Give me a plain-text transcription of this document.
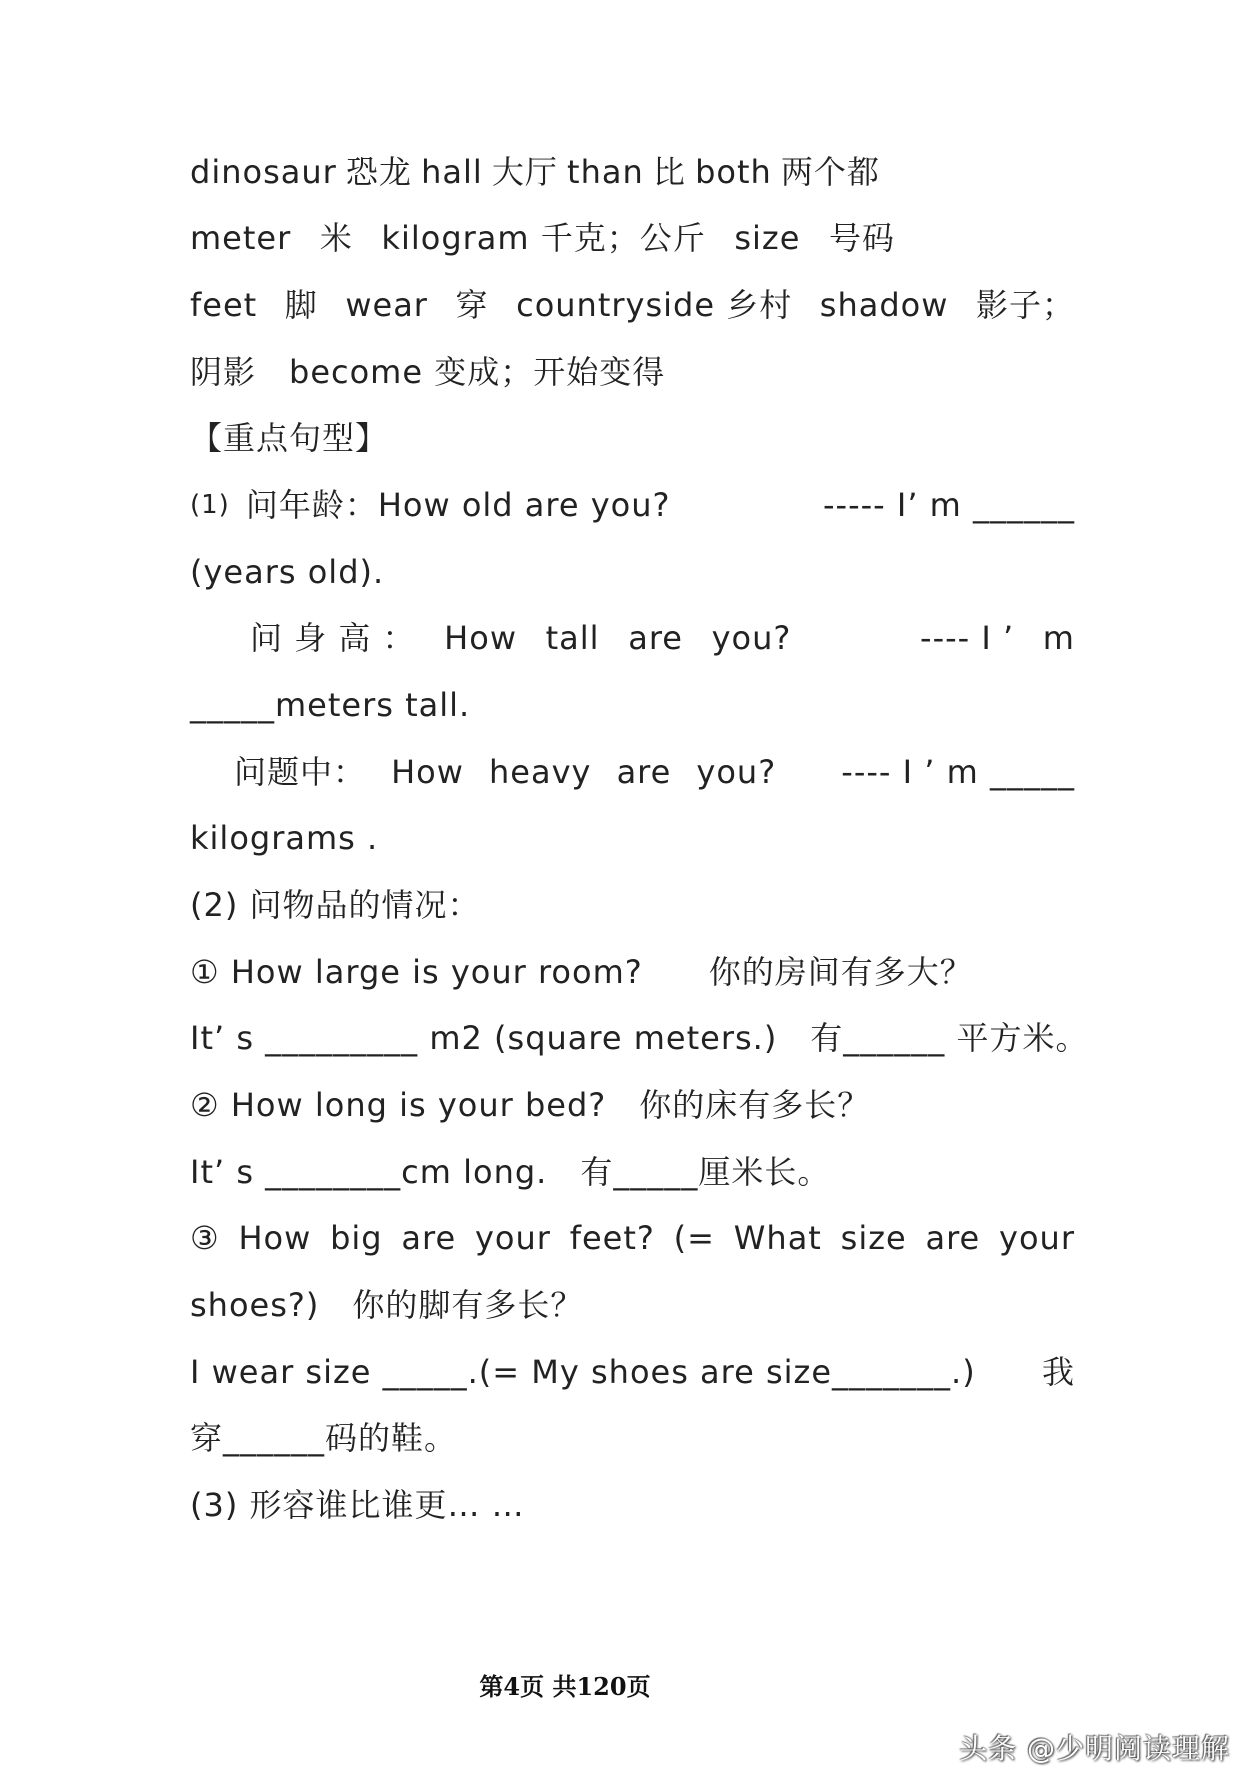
dinosaur 恐龙 hall 大厅 than 比 both 两个都
meter 米 kilogram 千克；公斤 size 号码
feet 脚 wear 穿 countryside 乡村 shadow 影子；
阴影　become 变成；开始变得
【重点句型】
(1) 问年龄：How old are you?	----- I’ m ______
(years old).
问 身 高 ： How tall are you?	---- I ’ m
_____meters tall.
问题中： How heavy are you? ---- I ’ m _____
kilograms .
(2) 问物品的情况：
① How large is your room?　　你的房间有多大？
It’ s _________ m2 (square meters.)　有______ 平方米。
② How long is your bed?　你的床有多长？
It’ s ________cm long.　有_____厘米长。
③ How big are your feet? (= What size are your
shoes?)　你的脚有多长？
I wear size _____.(= My shoes are size_______.) 我
穿______码的鞋。
(3) 形容谁比谁更… …
第4页 共120页
头条 @少明阅读理解
